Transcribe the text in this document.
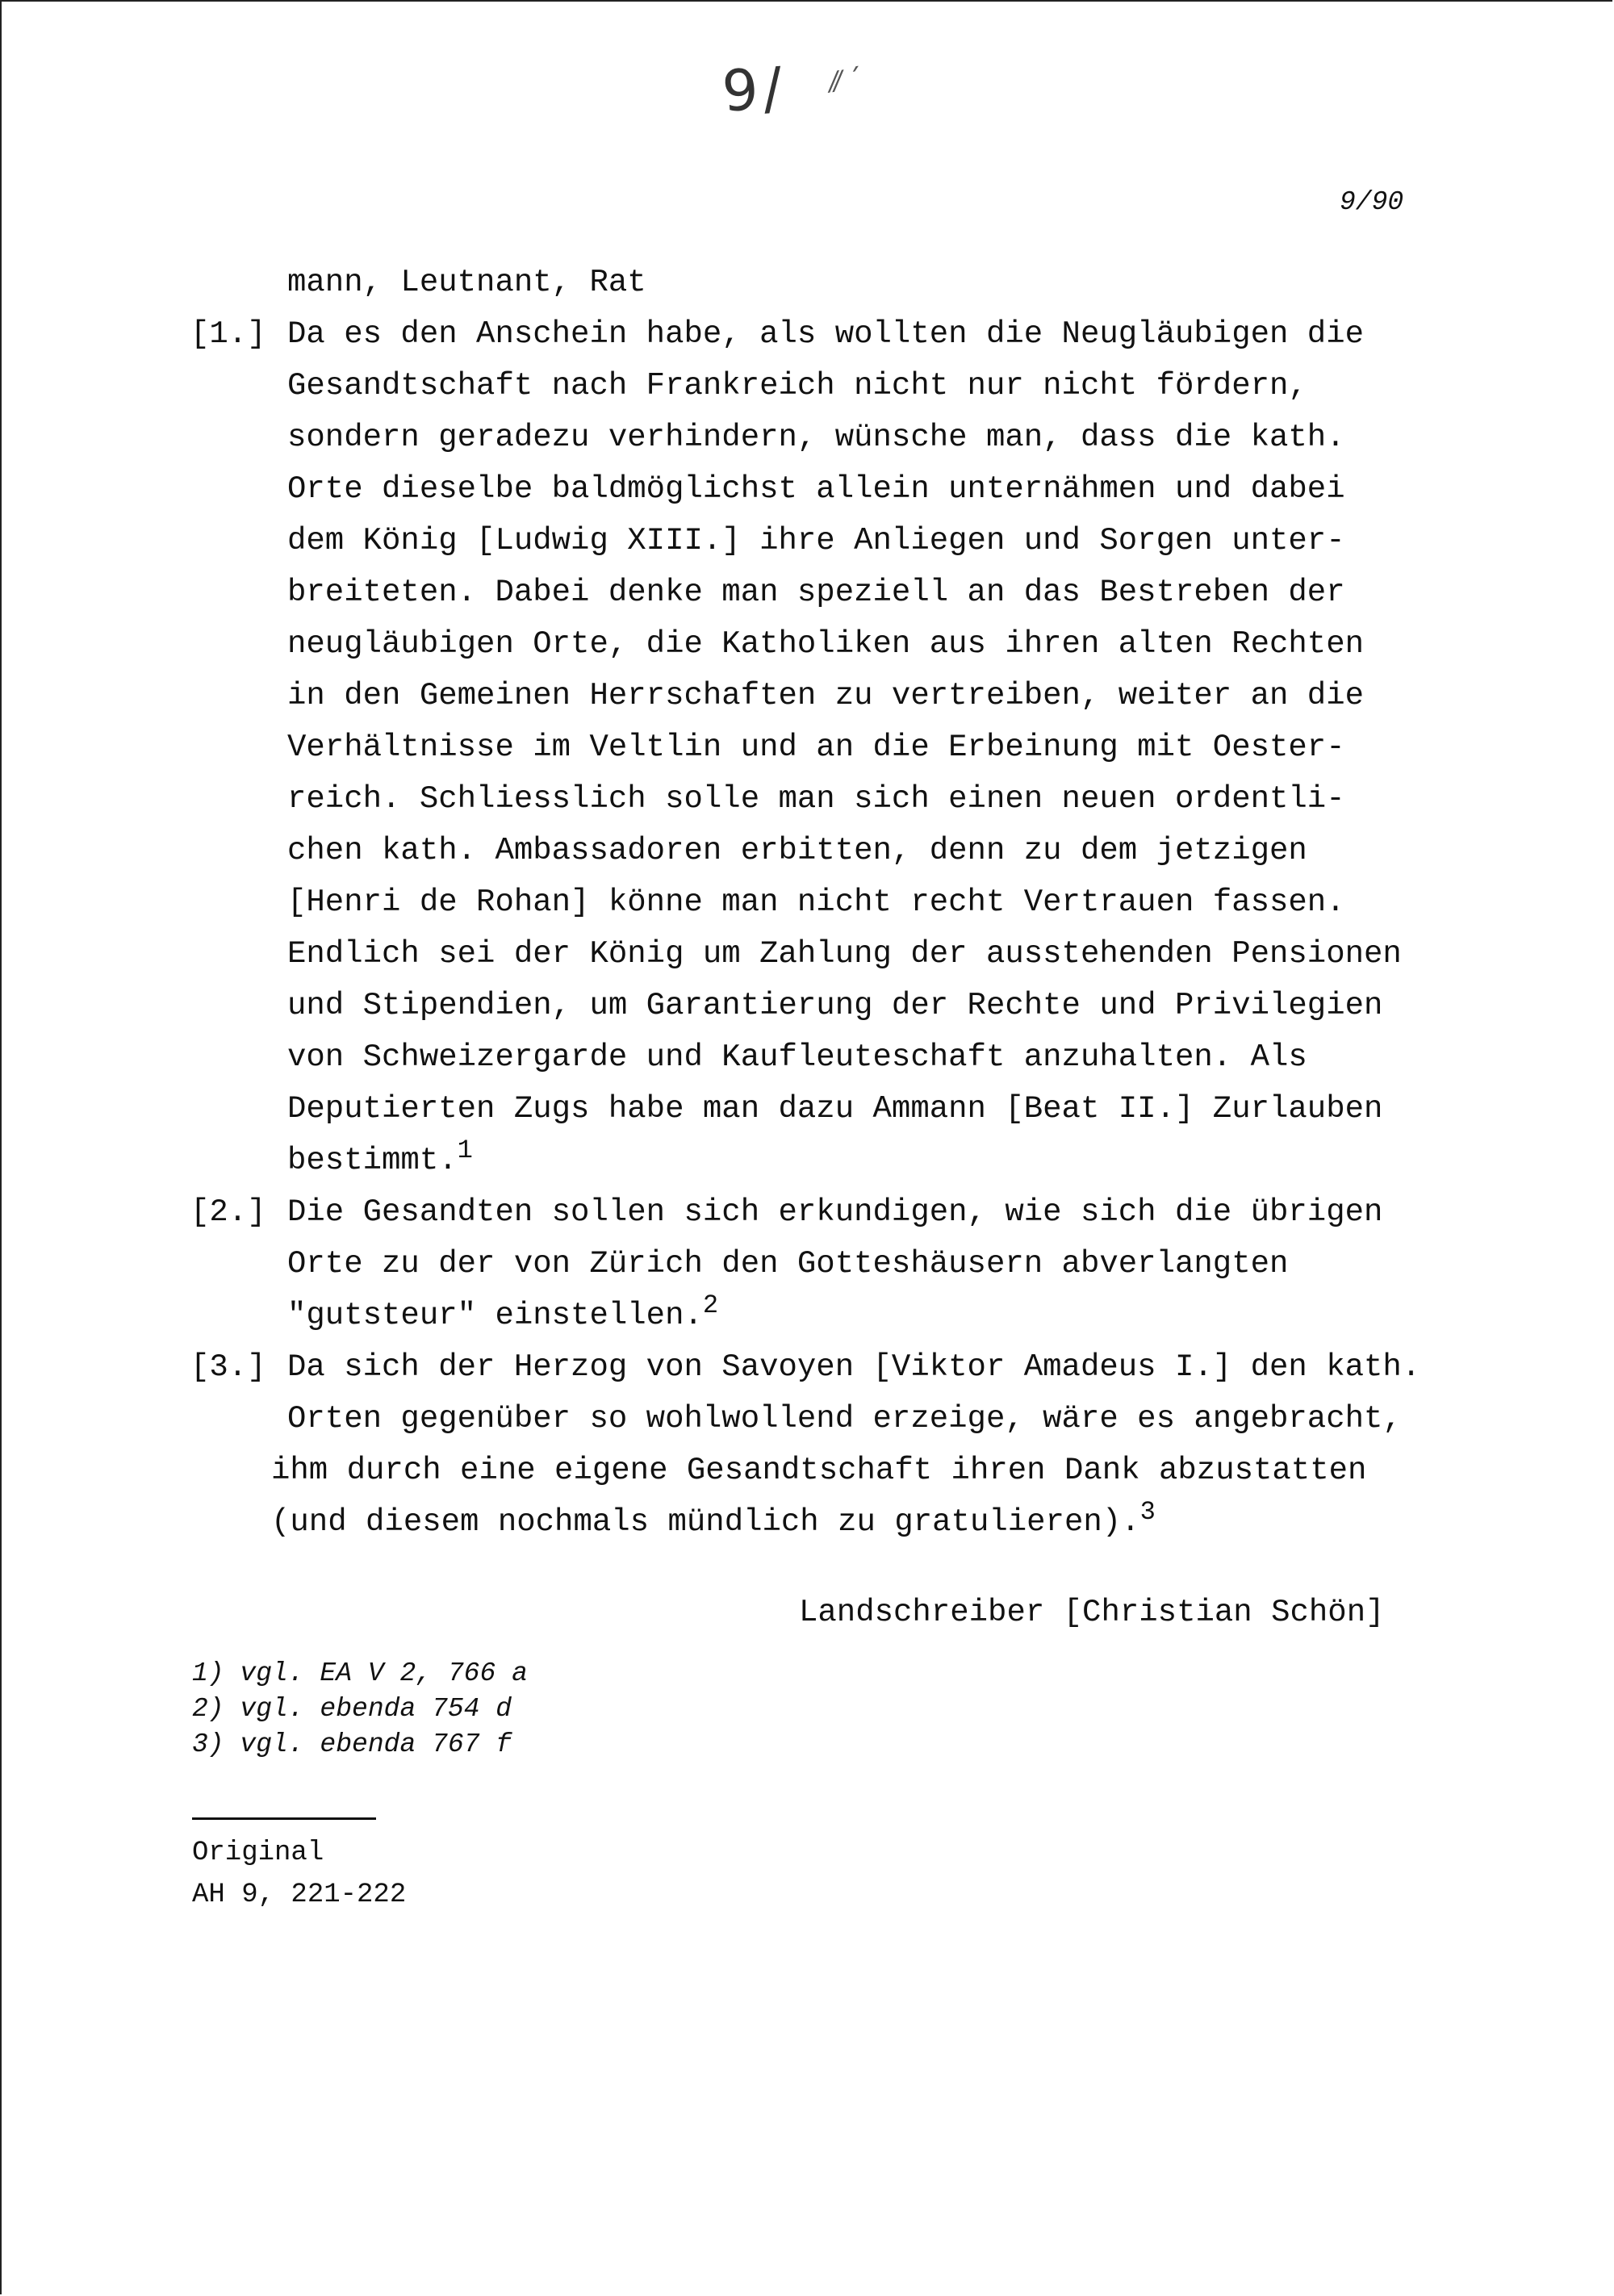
9/ ⁄⁄ ´
9/90
mann, Leutnant, Rat
[1.] Da es den Anschein habe, als wollten die Neugläubigen die
Gesandtschaft nach Frankreich nicht nur nicht fördern,
sondern geradezu verhindern, wünsche man, dass die kath.
Orte dieselbe baldmöglichst allein unternähmen und dabei
dem König [Ludwig XIII.] ihre Anliegen und Sorgen unter-
breiteten. Dabei denke man speziell an das Bestreben der
neugläubigen Orte, die Katholiken aus ihren alten Rechten
in den Gemeinen Herrschaften zu vertreiben, weiter an die
Verhältnisse im Veltlin und an die Erbeinung mit Oester-
reich. Schliesslich solle man sich einen neuen ordentli-
chen kath. Ambassadoren erbitten, denn zu dem jetzigen
[Henri de Rohan] könne man nicht recht Vertrauen fassen.
Endlich sei der König um Zahlung der ausstehenden Pensionen
und Stipendien, um Garantierung der Rechte und Privilegien
von Schweizergarde und Kaufleuteschaft anzuhalten. Als
Deputierten Zugs habe man dazu Ammann [Beat II.] Zurlauben
bestimmt.$^1$
[2.] Die Gesandten sollen sich erkundigen, wie sich die übrigen
Orte zu der von Zürich den Gotteshäusern abverlangten
"gutsteur" einstellen.$^2$
[3.] Da sich der Herzog von Savoyen [Viktor Amadeus I.] den kath.
Orten gegenüber so wohlwollend erzeige, wäre es angebracht,
ihm durch eine eigene Gesandtschaft ihren Dank abzustatten
(und diesem nochmals mündlich zu gratulieren).$^3$
Landschreiber [Christian Schön]
1) vgl. EA V 2, 766 a
2) vgl. ebenda 754 d
3) vgl. ebenda 767 f
Original
AH 9, 221-222
